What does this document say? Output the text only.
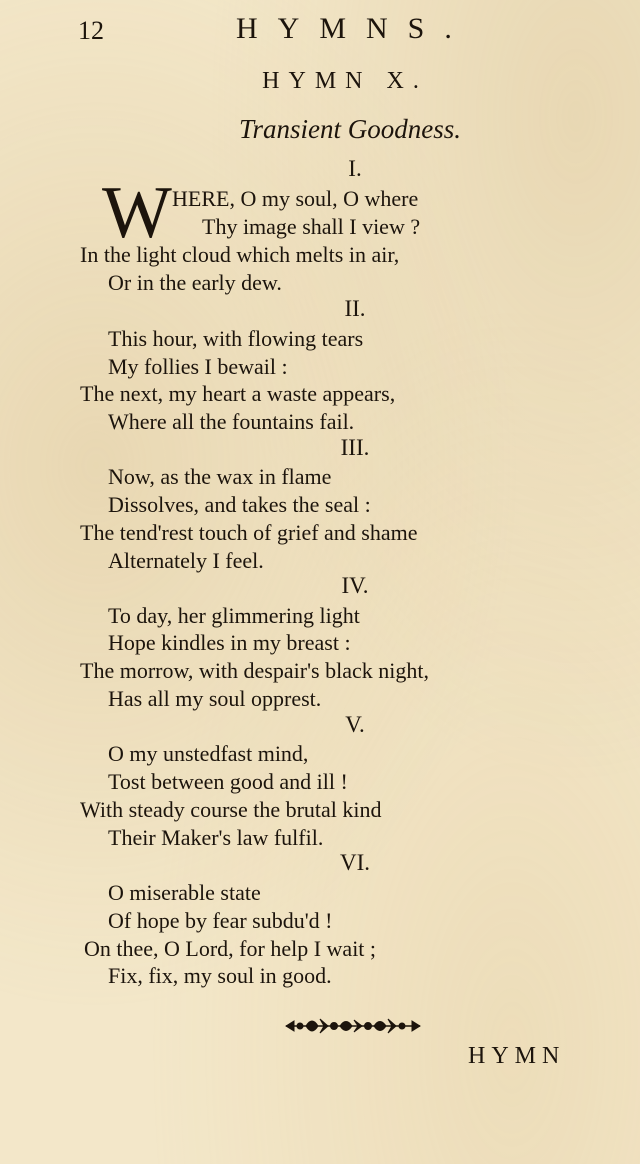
12	HYMNS.
HYMN X.
Transient Goodness.
I.
W HERE, O my soul, O where
Thy image shall I view ?
In the light cloud which melts in air,
Or in the early dew.
II.
This hour, with flowing tears
My follies I bewail :
The next, my heart a waste appears,
Where all the fountains fail.
III.
Now, as the wax in flame
Dissolves, and takes the seal :
The tend'rest touch of grief and shame
Alternately I feel.
IV.
To day, her glimmering light
Hope kindles in my breast :
The morrow, with despair's black night,
Has all my soul opprest.
V.
O my unstedfast mind,
Tost between good and ill !
With steady course the brutal kind
Their Maker's law fulfil.
VI.
O miserable state
Of hope by fear subdu'd !
On thee, O Lord, for help I wait ;
Fix, fix, my soul in good.
HYMN
